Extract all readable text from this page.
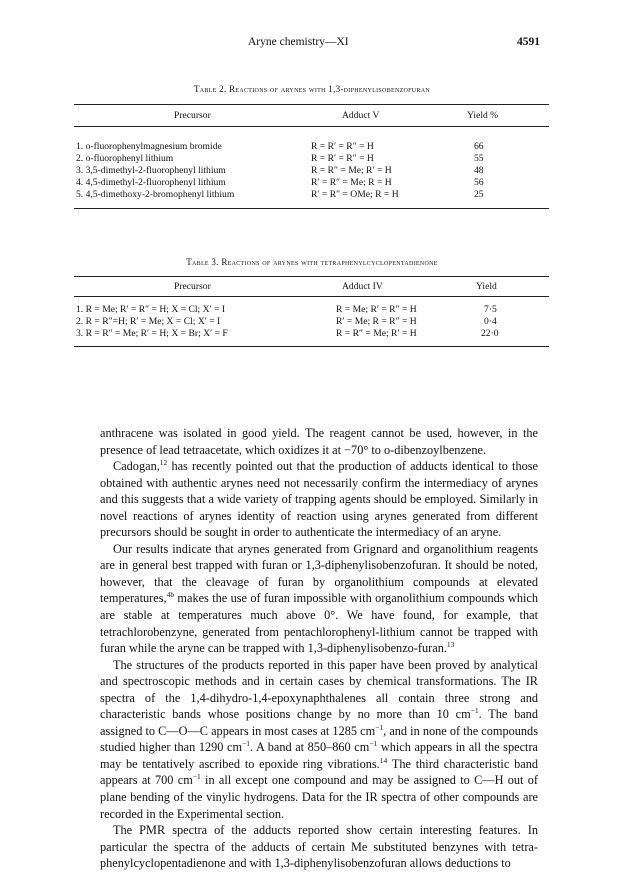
Aryne chemistry—XI	4591
Table 2. Reactions of arynes with 1,3-diphenylisobenzofuran
Precursor	Adduct V	Yield %
1. o-fluorophenylmagnesium bromide	R = R′ = R″ = H	66
2. o-fluorophenyl lithium	R = R′ = R″ = H	55
3. 3,5-dimethyl-2-fluorophenyl lithium	R = R″ = Me; R′ = H	48
4. 4,5-dimethyl-2-fluorophenyl lithium	R′ = R″ = Me; R = H	56
5. 4,5-dimethoxy-2-bromophenyl lithium	R′ = R″ = OMe; R = H	25
Table 3. Reactions of arynes with tetraphenylcyclopentadienone
Precursor	Adduct IV	Yield
1. R = Me; R′ = R″ = H; X = Cl; X′ = I	R = Me; R′ = R″ = H	7·5
2. R = R″=H; R′ = Me; X = Cl; X′ = I	R′ = Me; R = R″ = H	0·4
3. R = R″ = Me; R′ = H; X = Br; X′ = F	R = R″ = Me; R′ = H	22·0

anthracene was isolated in good yield. The reagent cannot be used, however, in the presence of lead tetraacetate, which oxidizes it at −70° to o-dibenzoylbenzene.

Cadogan,$^{12}$ has recently pointed out that the production of adducts identical to those obtained with authentic arynes need not necessarily confirm the intermediacy of arynes and this suggests that a wide variety of trapping agents should be employed. Similarly in novel reactions of arynes identity of reaction using arynes generated from different precursors should be sought in order to authenticate the intermediacy of an aryne.

Our results indicate that arynes generated from Grignard and organolithium reagents are in general best trapped with furan or 1,3-diphenylisobenzofuran. It should be noted, however, that the cleavage of furan by organolithium compounds at elevated temperatures,$^{4b}$ makes the use of furan impossible with organolithium compounds which are stable at temperatures much above 0°. We have found, for example, that tetrachlorobenzyne, generated from pentachlorophenyl-lithium cannot be trapped with furan while the aryne can be trapped with 1,3-diphenylisobenzo-furan.$^{13}$

The structures of the products reported in this paper have been proved by analytical and spectroscopic methods and in certain cases by chemical transformations. The IR spectra of the 1,4-dihydro-1,4-epoxynaphthalenes all contain three strong and characteristic bands whose positions change by no more than 10 $cm^{-1}$. The band assigned to C—O—C appears in most cases at 1285 $cm^{-1}$, and in none of the compounds studied higher than 1290 $cm^{-1}$. A band at 850–860 $cm^{-1}$ which appears in all the spectra may be tentatively ascribed to epoxide ring vibrations.$^{14}$ The third characteristic band appears at 700 $cm^{-1}$ in all except one compound and may be assigned to C—H out of plane bending of the vinylic hydrogens. Data for the IR spectra of other compounds are recorded in the Experimental section.

The PMR spectra of the adducts reported show certain interesting features. In particular the spectra of the adducts of certain Me substituted benzynes with tetra-phenylcyclopentadienone and with 1,3-diphenylisobenzofuran allows deductions to
